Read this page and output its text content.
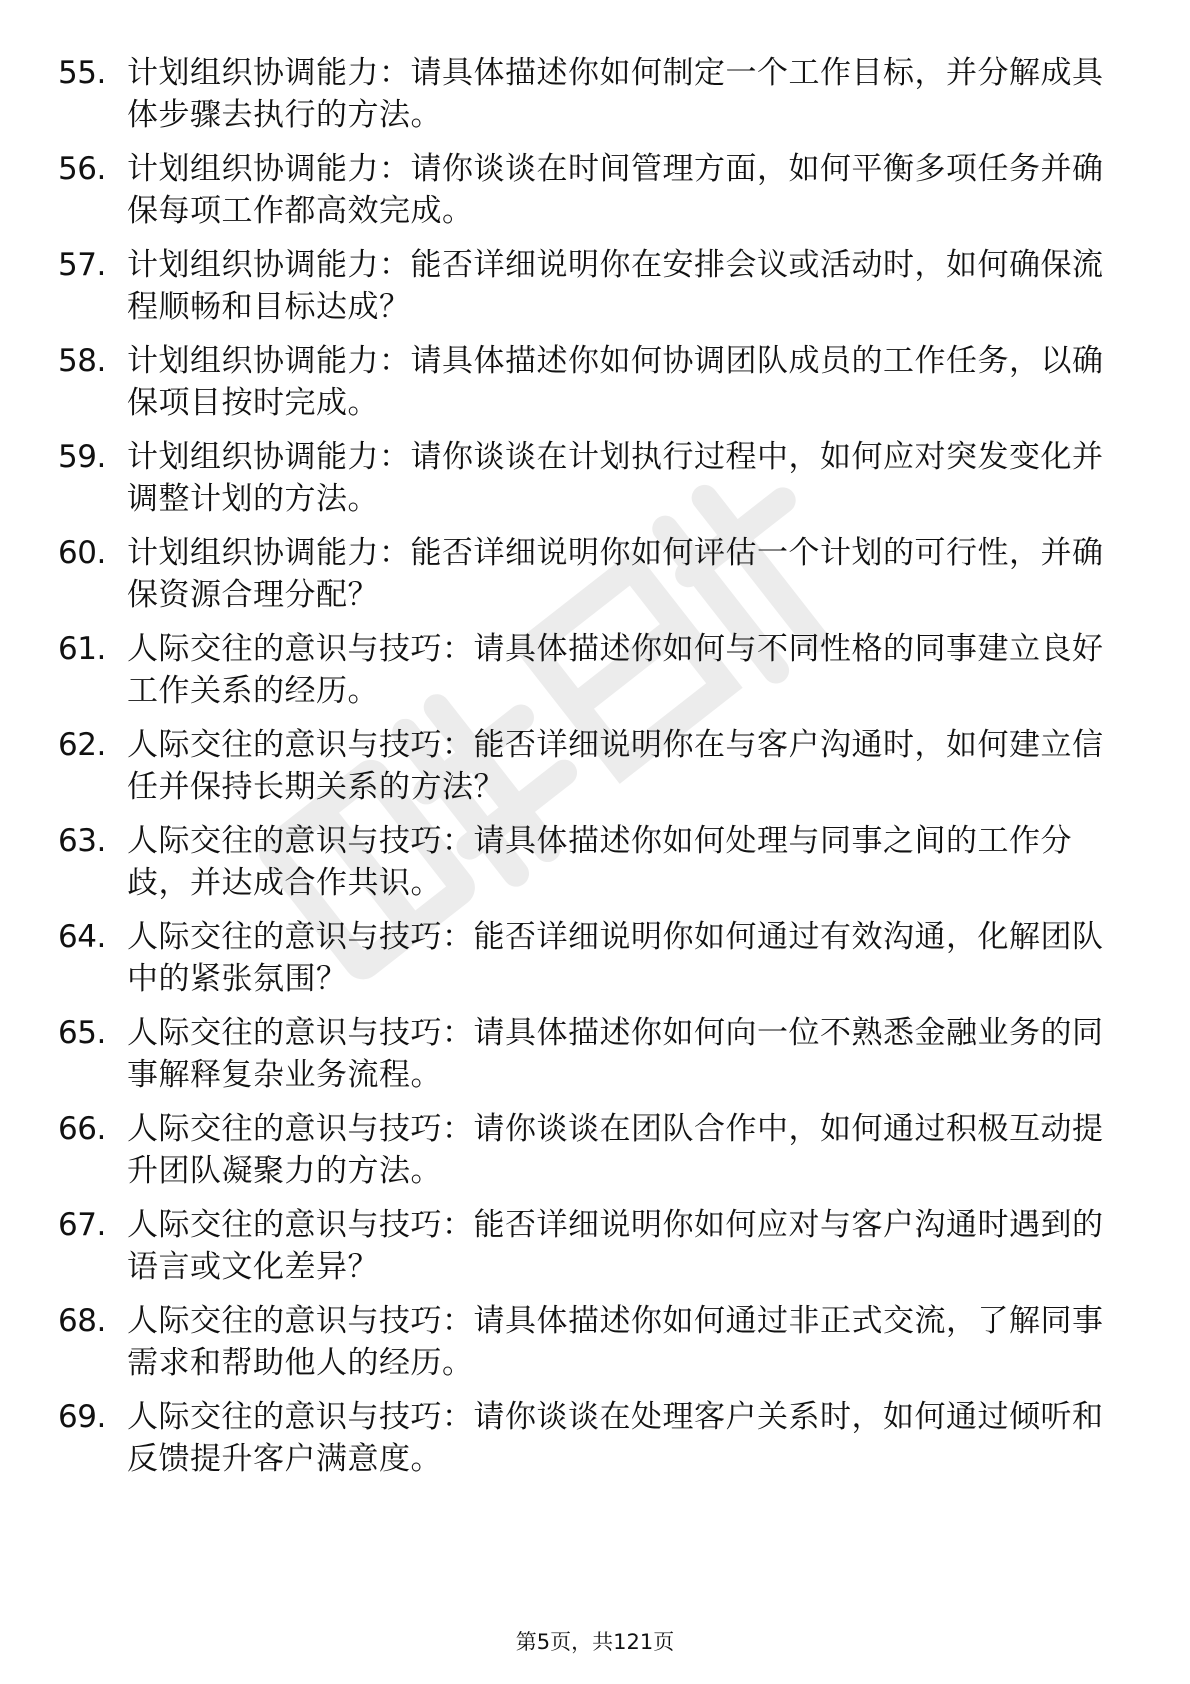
55. 计划组织协调能力：请具体描述你如何制定一个工作目标，并分解成具体步骤去执行的方法。
56. 计划组织协调能力：请你谈谈在时间管理方面，如何平衡多项任务并确保每项工作都高效完成。
57. 计划组织协调能力：能否详细说明你在安排会议或活动时，如何确保流程顺畅和目标达成？
58. 计划组织协调能力：请具体描述你如何协调团队成员的工作任务，以确保项目按时完成。
59. 计划组织协调能力：请你谈谈在计划执行过程中，如何应对突发变化并调整计划的方法。
60. 计划组织协调能力：能否详细说明你如何评估一个计划的可行性，并确保资源合理分配？
61. 人际交往的意识与技巧：请具体描述你如何与不同性格的同事建立良好工作关系的经历。
62. 人际交往的意识与技巧：能否详细说明你在与客户沟通时，如何建立信任并保持长期关系的方法？
63. 人际交往的意识与技巧：请具体描述你如何处理与同事之间的工作分歧，并达成合作共识。
64. 人际交往的意识与技巧：能否详细说明你如何通过有效沟通，化解团队中的紧张氛围？
65. 人际交往的意识与技巧：请具体描述你如何向一位不熟悉金融业务的同事解释复杂业务流程。
66. 人际交往的意识与技巧：请你谈谈在团队合作中，如何通过积极互动提升团队凝聚力的方法。
67. 人际交往的意识与技巧：能否详细说明你如何应对与客户沟通时遇到的语言或文化差异？
68. 人际交往的意识与技巧：请具体描述你如何通过非正式交流，了解同事需求和帮助他人的经历。
69. 人际交往的意识与技巧：请你谈谈在处理客户关系时，如何通过倾听和反馈提升客户满意度。
第5页，共121页
